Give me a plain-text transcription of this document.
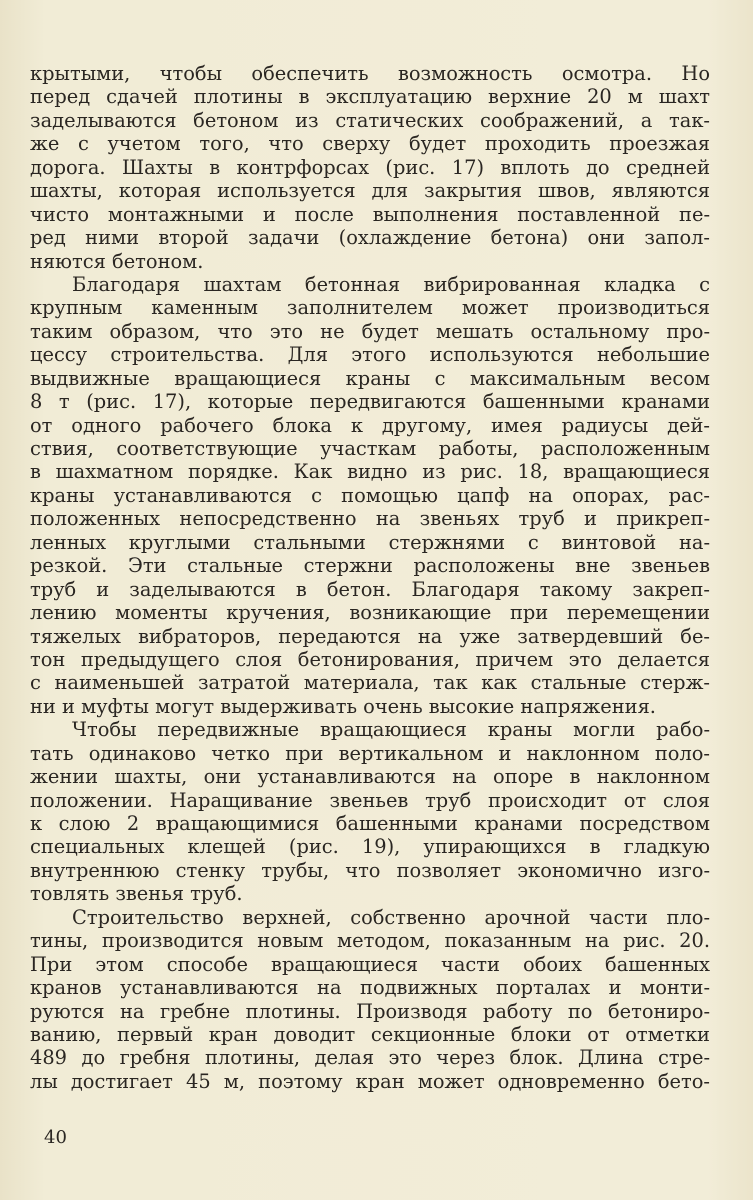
крытыми, чтобы обеспечить возможность осмотра. Но
перед сдачей плотины в эксплуатацию верхние 20 м шахт
заделываются бетоном из статических соображений, а так-
же с учетом того, что сверху будет проходить проезжая
дорога. Шахты в контрфорсах (рис. 17) вплоть до средней
шахты, которая используется для закрытия швов, являются
чисто монтажными и после выполнения поставленной пе-
ред ними второй задачи (охлаждение бетона) они запол-
няются бетоном.
Благодаря шахтам бетонная вибрированная кладка с
крупным каменным заполнителем может производиться
таким образом, что это не будет мешать остальному про-
цессу строительства. Для этого используются небольшие
выдвижные вращающиеся краны с максимальным весом
8 т (рис. 17), которые передвигаются башенными кранами
от одного рабочего блока к другому, имея радиусы дей-
ствия, соответствующие участкам работы, расположенным
в шахматном порядке. Как видно из рис. 18, вращающиеся
краны устанавливаются с помощью цапф на опорах, рас-
положенных непосредственно на звеньях труб и прикреп-
ленных круглыми стальными стержнями с винтовой на-
резкой. Эти стальные стержни расположены вне звеньев
труб и заделываются в бетон. Благодаря такому закреп-
лению моменты кручения, возникающие при перемещении
тяжелых вибраторов, передаются на уже затвердевший бе-
тон предыдущего слоя бетонирования, причем это делается
с наименьшей затратой материала, так как стальные стерж-
ни и муфты могут выдерживать очень высокие напряжения.
Чтобы передвижные вращающиеся краны могли рабо-
тать одинаково четко при вертикальном и наклонном поло-
жении шахты, они устанавливаются на опоре в наклонном
положении. Наращивание звеньев труб происходит от слоя
к слою 2 вращающимися башенными кранами посредством
специальных клещей (рис. 19), упирающихся в гладкую
внутреннюю стенку трубы, что позволяет экономично изго-
товлять звенья труб.
Строительство верхней, собственно арочной части пло-
тины, производится новым методом, показанным на рис. 20.
При этом способе вращающиеся части обоих башенных
кранов устанавливаются на подвижных порталах и монти-
руются на гребне плотины. Производя работу по бетониро-
ванию, первый кран доводит секционные блоки от отметки
489 до гребня плотины, делая это через блок. Длина стре-
лы достигает 45 м, поэтому кран может одновременно бето-
40
